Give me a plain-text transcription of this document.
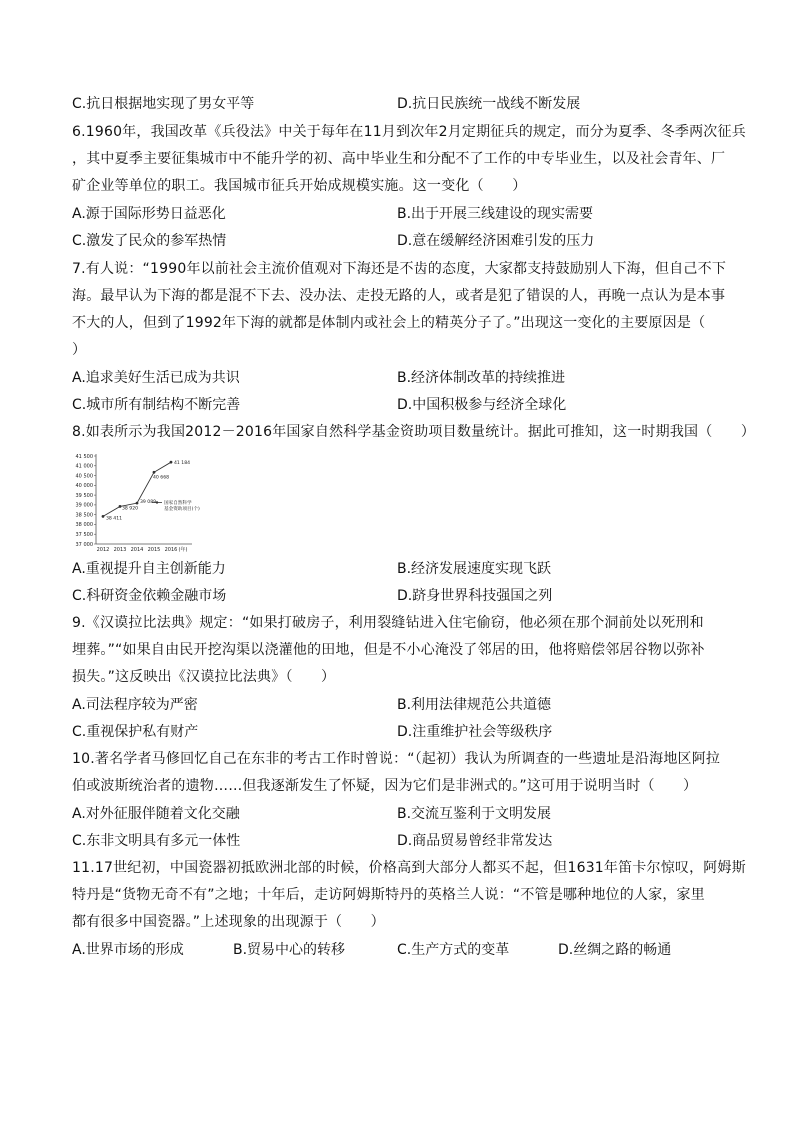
C.抗日根据地实现了男女平等	D.抗日民族统一战线不断发展
6.1960年，我国改革《兵役法》中关于每年在11月到次年2月定期征兵的规定，而分为夏季、冬季两次征兵
，其中夏季主要征集城市中不能升学的初、高中毕业生和分配不了工作的中专毕业生，以及社会青年、厂
矿企业等单位的职工。我国城市征兵开始成规模实施。这一变化（　　）
A.源于国际形势日益恶化	B.出于开展三线建设的现实需要
C.激发了民众的参军热情	D.意在缓解经济困难引发的压力
7.有人说：“1990年以前社会主流价值观对下海还是不齿的态度，大家都支持鼓励别人下海，但自己不下
海。最早认为下海的都是混不下去、没办法、走投无路的人，或者是犯了错误的人，再晚一点认为是本事
不大的人，但到了1992年下海的就都是体制内或社会上的精英分子了。”出现这一变化的主要原因是（
）
A.追求美好生活已成为共识	B.经济体制改革的持续推进
C.城市所有制结构不断完善	D.中国积极参与经济全球化
8.如表所示为我国2012－2016年国家自然科学基金资助项目数量统计。据此可推知，这一时期我国（　　）
41 500
41 000
40 500
40 000
39 500
39 000
38 500
38 000
37 500
37 000
2012 2013 2014 2015 2016 (年)
38 411
38 920
39 089
40 668
41 184
国家自然科学
基金资助项目(个)
A.重视提升自主创新能力	B.经济发展速度实现飞跃
C.科研资金依赖金融市场	D.跻身世界科技强国之列
9.《汉谟拉比法典》规定：“如果打破房子，利用裂缝钻进入住宅偷窃，他必须在那个洞前处以死刑和
埋葬。”“如果自由民开挖沟渠以浇灌他的田地，但是不小心淹没了邻居的田，他将赔偿邻居谷物以弥补
损失。”这反映出《汉谟拉比法典》（　　）
A.司法程序较为严密	B.利用法律规范公共道德
C.重视保护私有财产	D.注重维护社会等级秩序
10.著名学者马修回忆自己在东非的考古工作时曾说：“（起初）我认为所调查的一些遗址是沿海地区阿拉
伯或波斯统治者的遗物……但我逐渐发生了怀疑，因为它们是非洲式的。”这可用于说明当时（　　）
A.对外征服伴随着文化交融	B.交流互鉴利于文明发展
C.东非文明具有多元一体性	D.商品贸易曾经非常发达
11.17世纪初，中国瓷器初抵欧洲北部的时候，价格高到大部分人都买不起，但1631年笛卡尔惊叹，阿姆斯
特丹是“货物无奇不有”之地；十年后，走访阿姆斯特丹的英格兰人说：“不管是哪种地位的人家，家里
都有很多中国瓷器。”上述现象的出现源于（　　）
A.世界市场的形成	B.贸易中心的转移	C.生产方式的变革	D.丝绸之路的畅通
